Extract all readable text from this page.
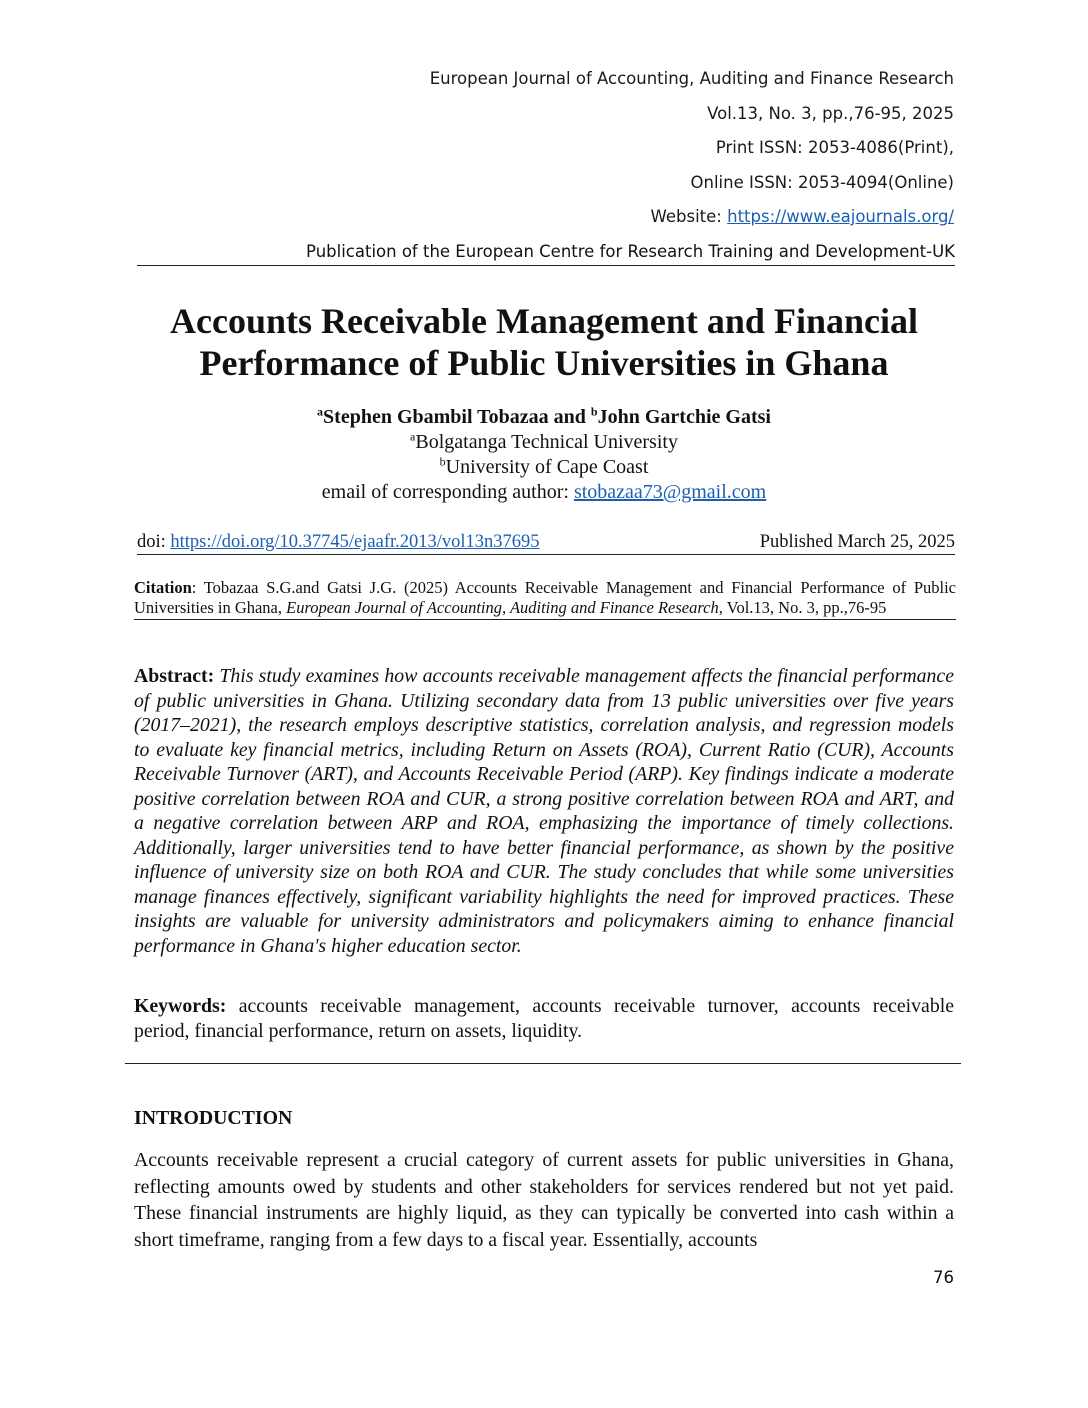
European Journal of Accounting, Auditing and Finance Research
Vol.13, No. 3, pp.,76-95, 2025
Print ISSN: 2053-4086(Print),
Online ISSN: 2053-4094(Online)
Website: https://www.eajournals.org/
Publication of the European Centre for Research Training and Development-UK
Accounts Receivable Management and Financial
Performance of Public Universities in Ghana
$^a$Stephen Gbambil Tobazaa and $^b$John Gartchie Gatsi
$^a$Bolgatanga Technical University
$^b$University of Cape Coast
email of corresponding author: stobazaa73@gmail.com
doi: https://doi.org/10.37745/ejaafr.2013/vol13n37695	Published March 25, 2025
Citation: Tobazaa S.G.and Gatsi J.G. (2025) Accounts Receivable Management and Financial Performance of Public Universities in Ghana, European Journal of Accounting, Auditing and Finance Research, Vol.13, No. 3, pp.,76-95
Abstract: This study examines how accounts receivable management affects the financial performance of public universities in Ghana. Utilizing secondary data from 13 public universities over five years (2017–2021), the research employs descriptive statistics, correlation analysis, and regression models to evaluate key financial metrics, including Return on Assets (ROA), Current Ratio (CUR), Accounts Receivable Turnover (ART), and Accounts Receivable Period (ARP). Key findings indicate a moderate positive correlation between ROA and CUR, a strong positive correlation between ROA and ART, and a negative correlation between ARP and ROA, emphasizing the importance of timely collections. Additionally, larger universities tend to have better financial performance, as shown by the positive influence of university size on both ROA and CUR. The study concludes that while some universities manage finances effectively, significant variability highlights the need for improved practices. These insights are valuable for university administrators and policymakers aiming to enhance financial performance in Ghana's higher education sector.
Keywords: accounts receivable management, accounts receivable turnover, accounts receivable period, financial performance, return on assets, liquidity.
INTRODUCTION
Accounts receivable represent a crucial category of current assets for public universities in Ghana, reflecting amounts owed by students and other stakeholders for services rendered but not yet paid. These financial instruments are highly liquid, as they can typically be converted into cash within a short timeframe, ranging from a few days to a fiscal year. Essentially, accounts
76
